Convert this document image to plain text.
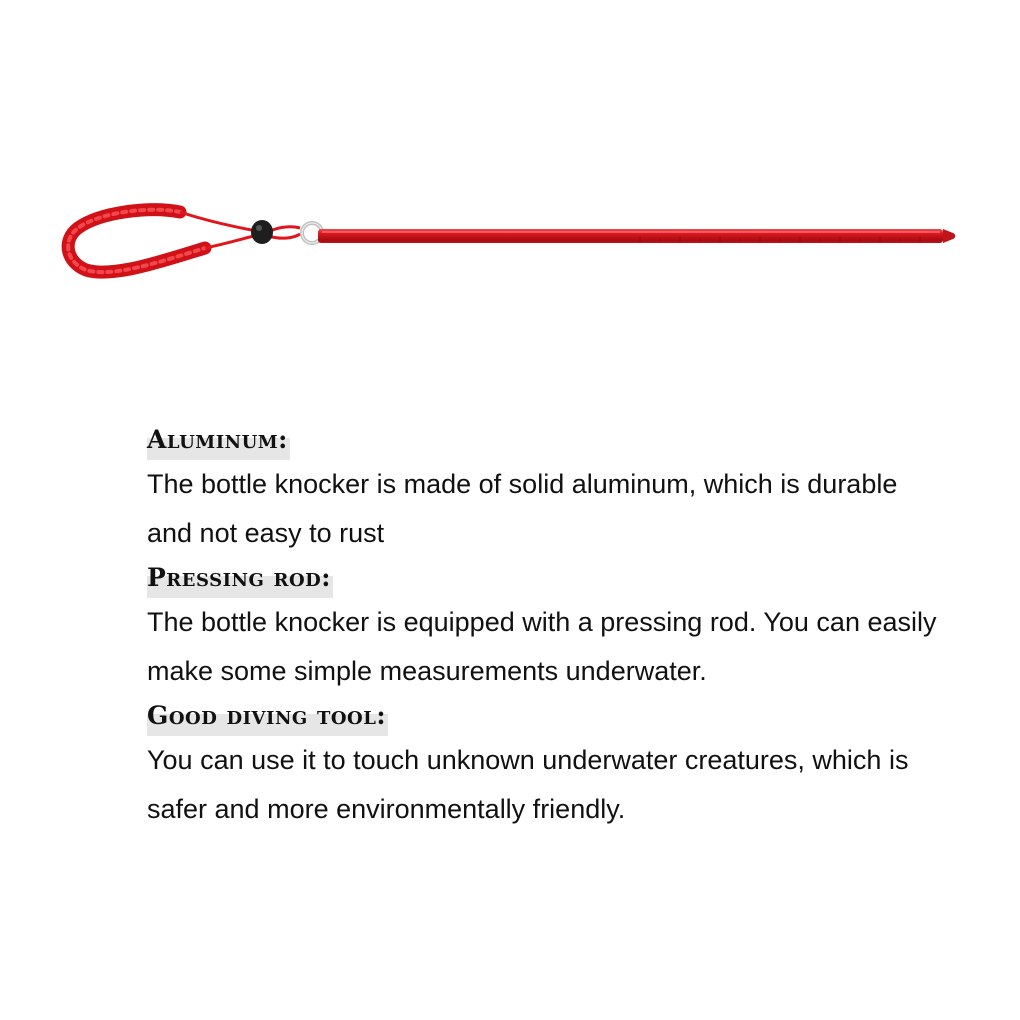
Aluminum:

The bottle knocker is made of solid aluminum, which is durable and not easy to rust

Pressing rod:

The bottle knocker is equipped with a pressing rod. You can easily make some simple measurements underwater.

Good diving tool:

You can use it to touch unknown underwater creatures, which is safer and more environmentally friendly.
